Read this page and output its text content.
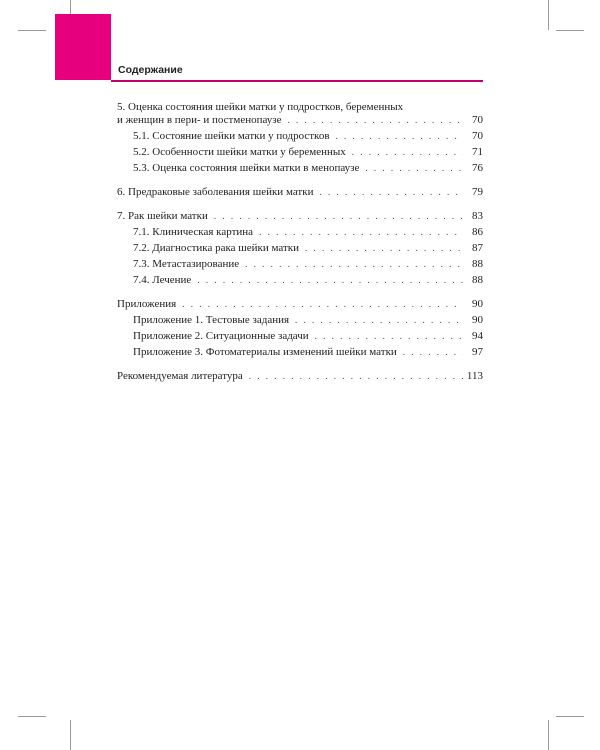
Содержание
5. Оценка состояния шейки матки у подростков, беременных
и женщин в пери- и постменопаузе . . .	70
5.1. Состояние шейки матки у подростков . . .	70
5.2. Особенности шейки матки у беременных . . .	71
5.3. Оценка состояния шейки матки в менопаузе . . .	76
6. Предраковые заболевания шейки матки . . .	79
7. Рак шейки матки . . .	83
7.1. Клиническая картина . . .	86
7.2. Диагностика рака шейки матки . . .	87
7.3. Метастазирование . . .	88
7.4. Лечение . . .	88
Приложения . . .	90
Приложение 1. Тестовые задания . . .	90
Приложение 2. Ситуационные задачи . . .	94
Приложение 3. Фотоматериалы изменений шейки матки . . .	97
Рекомендуемая литература . . .	113
